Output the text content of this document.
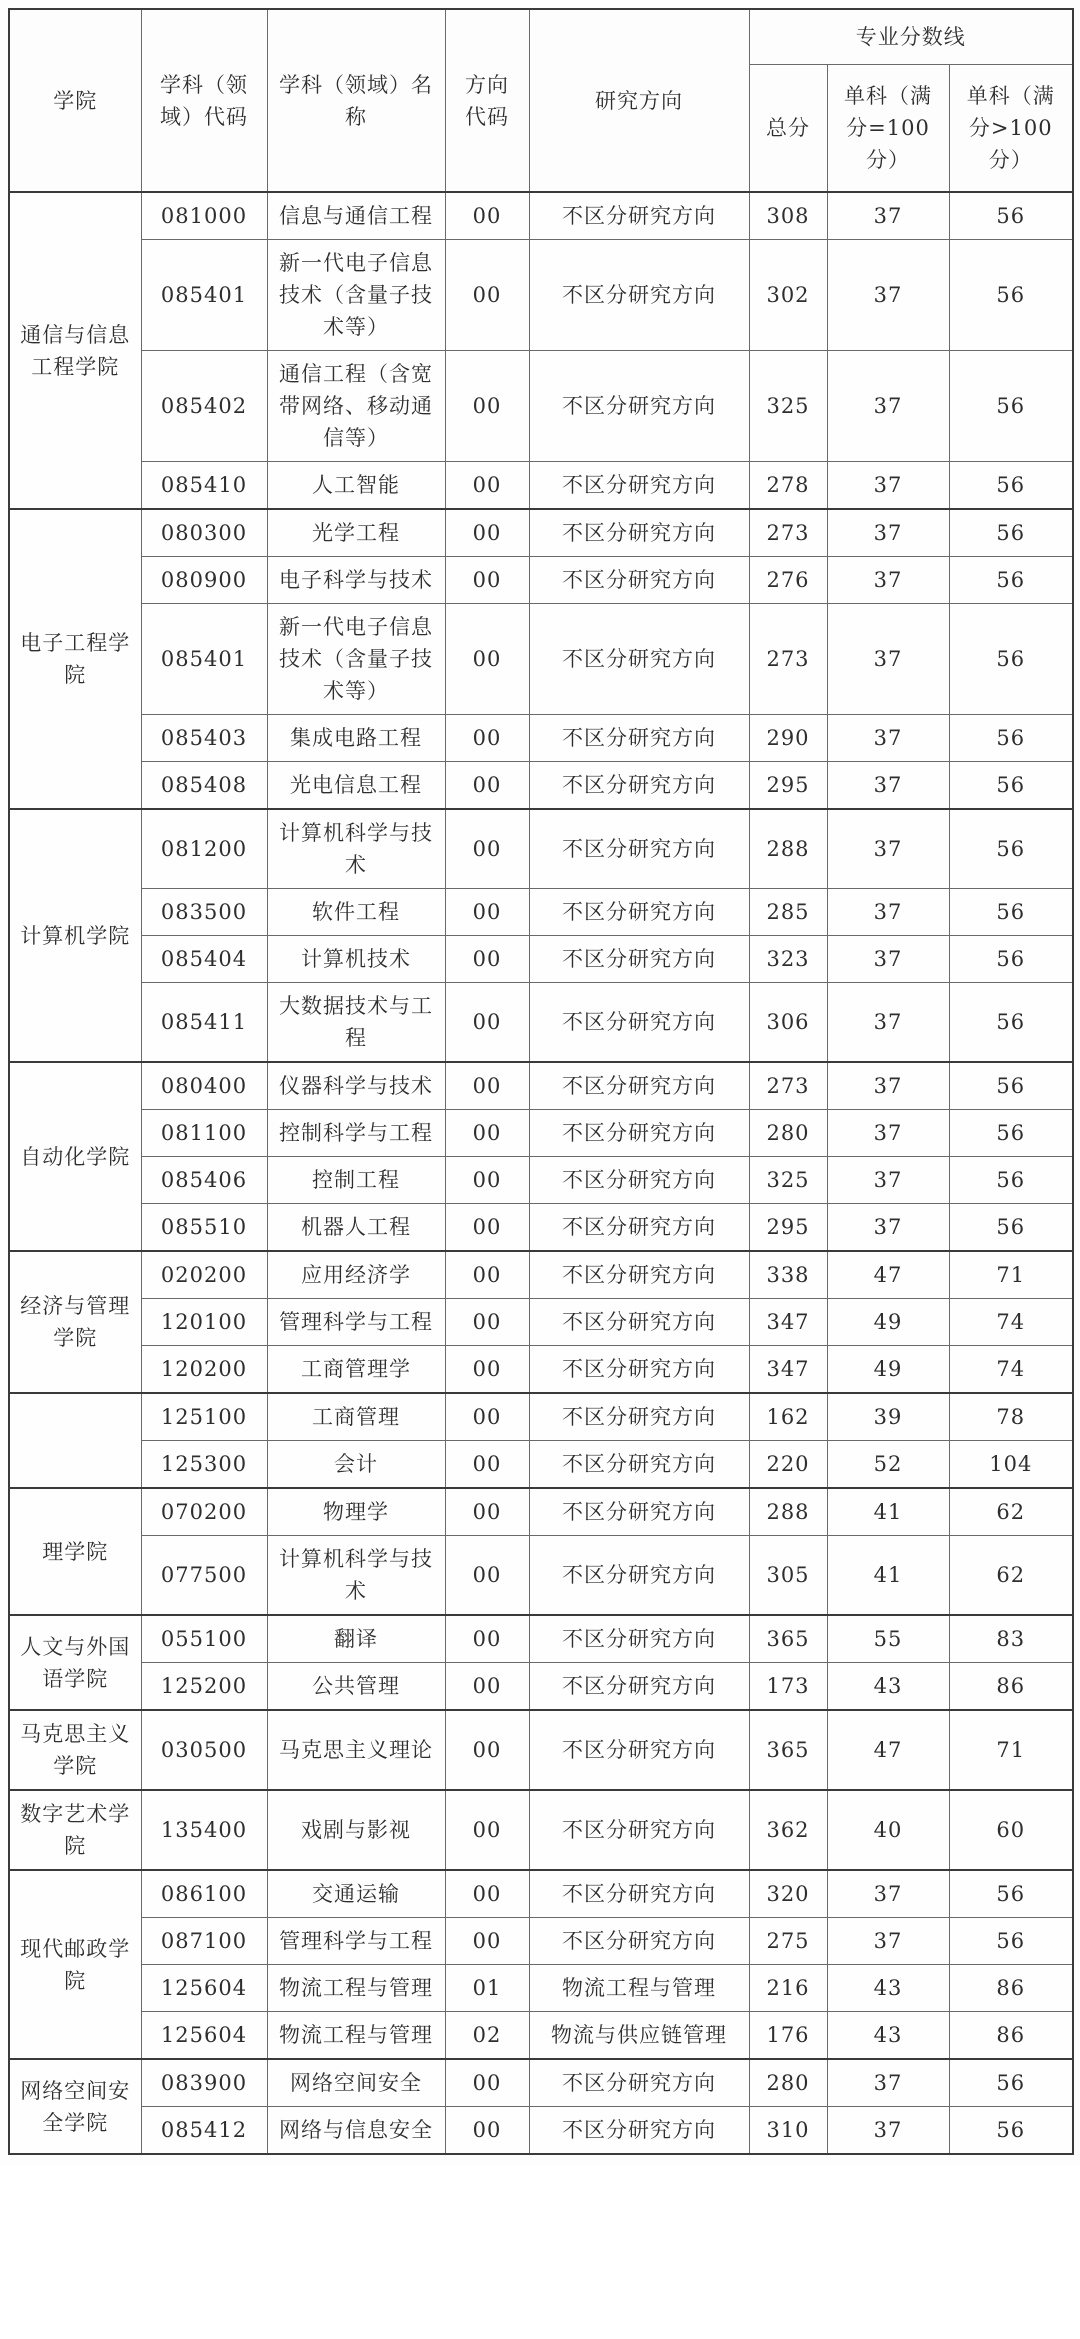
学院	学科（领域）代码	学科（领域）名称	方向代码	研究方向	专业分数线		
					总分	单科（满分=100 分）	单科（满分>100 分）
通信与信息工程学院	081000	信息与通信工程	00	不区分研究方向	308	37	56
	085401	新一代电子信息技术（含量子技术等）	00	不区分研究方向	302	37	56
	085402	通信工程（含宽带网络、移动通信等）	00	不区分研究方向	325	37	56
	085410	人工智能	00	不区分研究方向	278	37	56
电子工程学院	080300	光学工程	00	不区分研究方向	273	37	56
	080900	电子科学与技术	00	不区分研究方向	276	37	56
	085401	新一代电子信息技术（含量子技术等）	00	不区分研究方向	273	37	56
	085403	集成电路工程	00	不区分研究方向	290	37	56
	085408	光电信息工程	00	不区分研究方向	295	37	56
计算机学院	081200	计算机科学与技术	00	不区分研究方向	288	37	56
	083500	软件工程	00	不区分研究方向	285	37	56
	085404	计算机技术	00	不区分研究方向	323	37	56
	085411	大数据技术与工程	00	不区分研究方向	306	37	56
自动化学院	080400	仪器科学与技术	00	不区分研究方向	273	37	56
	081100	控制科学与工程	00	不区分研究方向	280	37	56
	085406	控制工程	00	不区分研究方向	325	37	56
	085510	机器人工程	00	不区分研究方向	295	37	56
经济与管理学院	020200	应用经济学	00	不区分研究方向	338	47	71
	120100	管理科学与工程	00	不区分研究方向	347	49	74
	120200	工商管理学	00	不区分研究方向	347	49	74
	125100	工商管理	00	不区分研究方向	162	39	78
	125300	会计	00	不区分研究方向	220	52	104
理学院	070200	物理学	00	不区分研究方向	288	41	62
	077500	计算机科学与技术	00	不区分研究方向	305	41	62
人文与外国语学院	055100	翻译	00	不区分研究方向	365	55	83
	125200	公共管理	00	不区分研究方向	173	43	86
马克思主义学院	030500	马克思主义理论	00	不区分研究方向	365	47	71
数字艺术学院	135400	戏剧与影视	00	不区分研究方向	362	40	60
现代邮政学院	086100	交通运输	00	不区分研究方向	320	37	56
	087100	管理科学与工程	00	不区分研究方向	275	37	56
	125604	物流工程与管理	01	物流工程与管理	216	43	86
	125604	物流工程与管理	02	物流与供应链管理	176	43	86
网络空间安全学院	083900	网络空间安全	00	不区分研究方向	280	37	56
	085412	网络与信息安全	00	不区分研究方向	310	37	56
